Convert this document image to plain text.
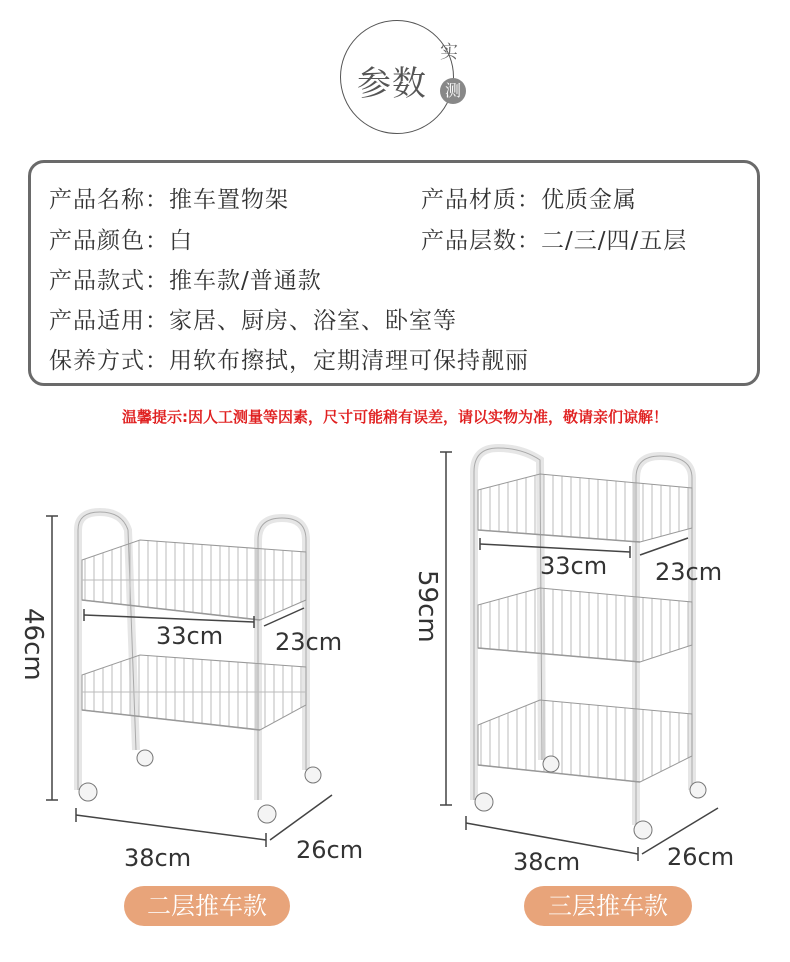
参数
实
测
产品名称：推车置物架	产品材质：优质金属
产品颜色：白	产品层数：二/三/四/五层
产品款式：推车款/普通款
产品适用：家居、厨房、浴室、卧室等
保养方式：用软布擦拭，定期清理可保持靓丽
温馨提示:因人工测量等因素，尺寸可能稍有误差，请以实物为准，敬请亲们谅解！
46cm	33cm 23cm
38cm	26cm
二层推车款
59cm
33cm 23cm
38cm	26cm
三层推车款
